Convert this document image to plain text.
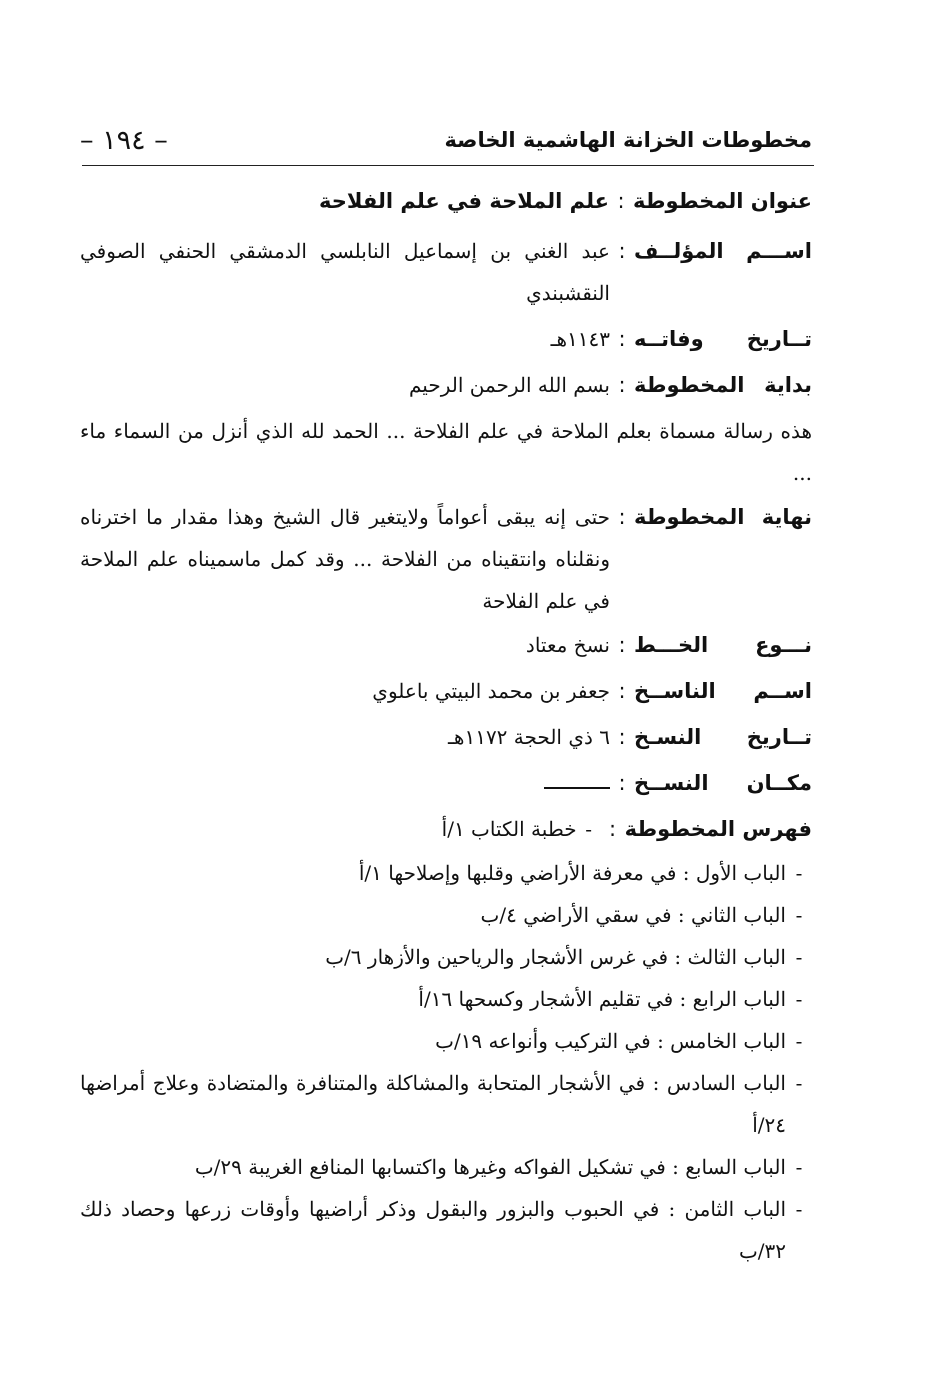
مخطوطات الخزانة الهاشمية الخاصة
– ١٩٤ –
عنوان المخطوطة
:
علم الملاحة في علم الفلاحة
اســـم المؤلــف
:
عبد الغني بن إسماعيل النابلسي الدمشقي الحنفي الصوفي النقشبندي
تــاريخ وفاتــه
:
١١٤٣هـ
بداية المخطوطة
:
بسم الله الرحمن الرحيم
هذه رسالة مسماة بعلم الملاحة في علم الفلاحة ... الحمد لله الذي أنزل من السماء ماء ...
نهاية المخطوطة
:
حتى إنه يبقى أعواماً ولايتغير قال الشيخ وهذا مقدار ما اخترناه ونقلناه وانتقيناه من الفلاحة ... وقد كمل ماسميناه علم الملاحة في علم الفلاحة
نـــوع الخـــط
:
نسخ معتاد
اســم الناســخ
:
جعفر بن محمد البيتي باعلوي
تــاريخ النسـخ
:
٦ ذي الحجة ١١٧٢هـ
مكــان النســخ
:
فهرس المخطوطة
:
-
خطبة الكتاب ١/أ
-
الباب الأول : في معرفة الأراضي وقلبها وإصلاحها ١/أ
-
الباب الثاني : في سقي الأراضي ٤/ب
-
الباب الثالث : في غرس الأشجار والرياحين والأزهار ٦/ب
-
الباب الرابع : في تقليم الأشجار وكسحها ١٦/أ
-
الباب الخامس : في التركيب وأنواعه ١٩/ب
-
الباب السادس : في الأشجار المتحابة والمشاكلة والمتنافرة والمتضادة وعلاج أمراضها ٢٤/أ
-
الباب السابع : في تشكيل الفواكه وغيرها واكتسابها المنافع الغريبة ٢٩/ب
-
الباب الثامن : في الحبوب والبزور والبقول وذكر أراضيها وأوقات زرعها وحصاد ذلك ٣٢/ب
